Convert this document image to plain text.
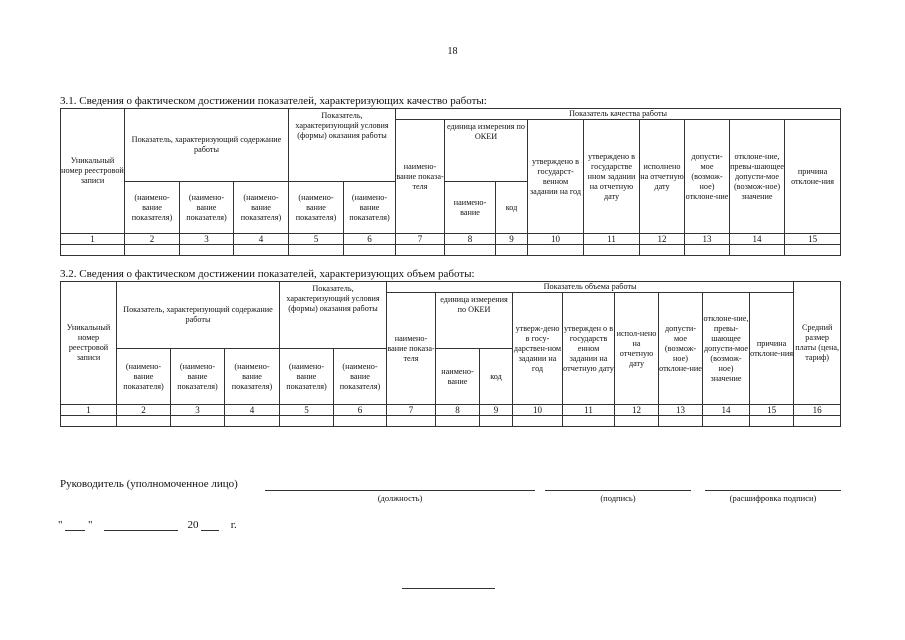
18
3.1. Сведения о фактическом достижении показателей, характеризующих качество работы:
Уникальный номер реестровой записи	Показатель, характеризующий содержание работы			Показатель, характеризующий условия (формы) оказания работы		Показатель качества работы								
						наимено-вание показа-теля	единица измерения по ОКЕИ		утверждено в государст-венном задании на год	утверждено в государстве нном задании на отчетную дату	исполнено на отчетную дату	допусти-мое (возмож-ное) отклоне-ние	отклоне-ние, превы-шающее допусти-мое (возмож-ное) значение	причина отклоне-ния
	(наимено-вание показателя)	(наимено-вание показателя)	(наимено-вание показателя)	(наимено-вание показателя)	(наимено-вание показателя)		наимено-вание	код						
1	2	3	4	5	6	7	8	9	10	11	12	13	14	15

3.2. Сведения о фактическом достижении показателей, характеризующих объем работы:
Уникальный номер реестровой записи	Показатель, характеризующий содержание работы			Показатель, характеризующий условия (формы) оказания работы		Показатель объема работы									Средний размер платы (цена, тариф)
						наимено-вание показа-теля	единица измерения по ОКЕИ		утверж-дено в госу-дарствен-ном задании на год	утвержден о в государств енном задании на отчетную дату	испол-нено на отчетную дату	допусти-мое (возмож-ное) отклоне-ние	отклоне-ние, превы-шающее допусти-мое (возмож-ное) значение	причина отклоне-ния	
	(наимено-вание показателя)	(наимено-вание показателя)	(наимено-вание показателя)	(наимено-вание показателя)	(наимено-вание показателя)		наимено-вание	код							
1	2	3	4	5	6	7	8	9	10	11	12	13	14	15	16

Руководитель (уполномоченное лицо)
(должность)	(подпись)	(расшифровка подписи)
" "	20	г.
